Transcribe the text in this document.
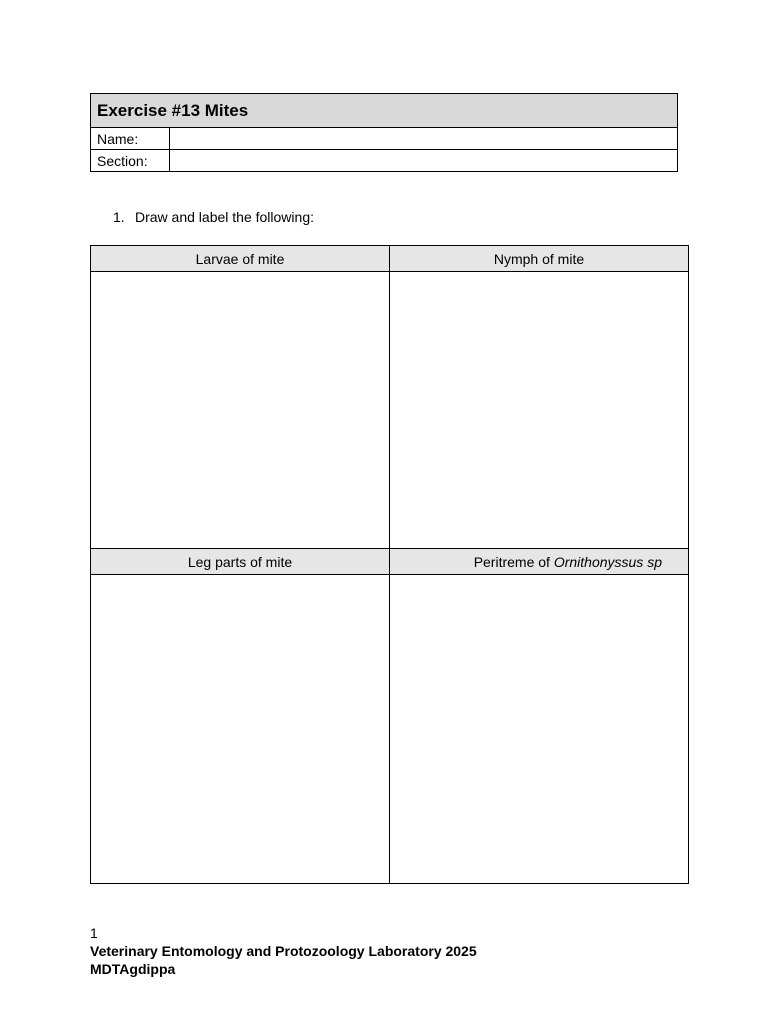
Exercise #13 Mites	
Name:	
Section:	
1. Draw and label the following:
Larvae of mite	Nymph of mite

Leg parts of mite	Peritreme of Ornithonyssus sp

1
Veterinary Entomology and Protozoology Laboratory 2025
MDTAgdippa
